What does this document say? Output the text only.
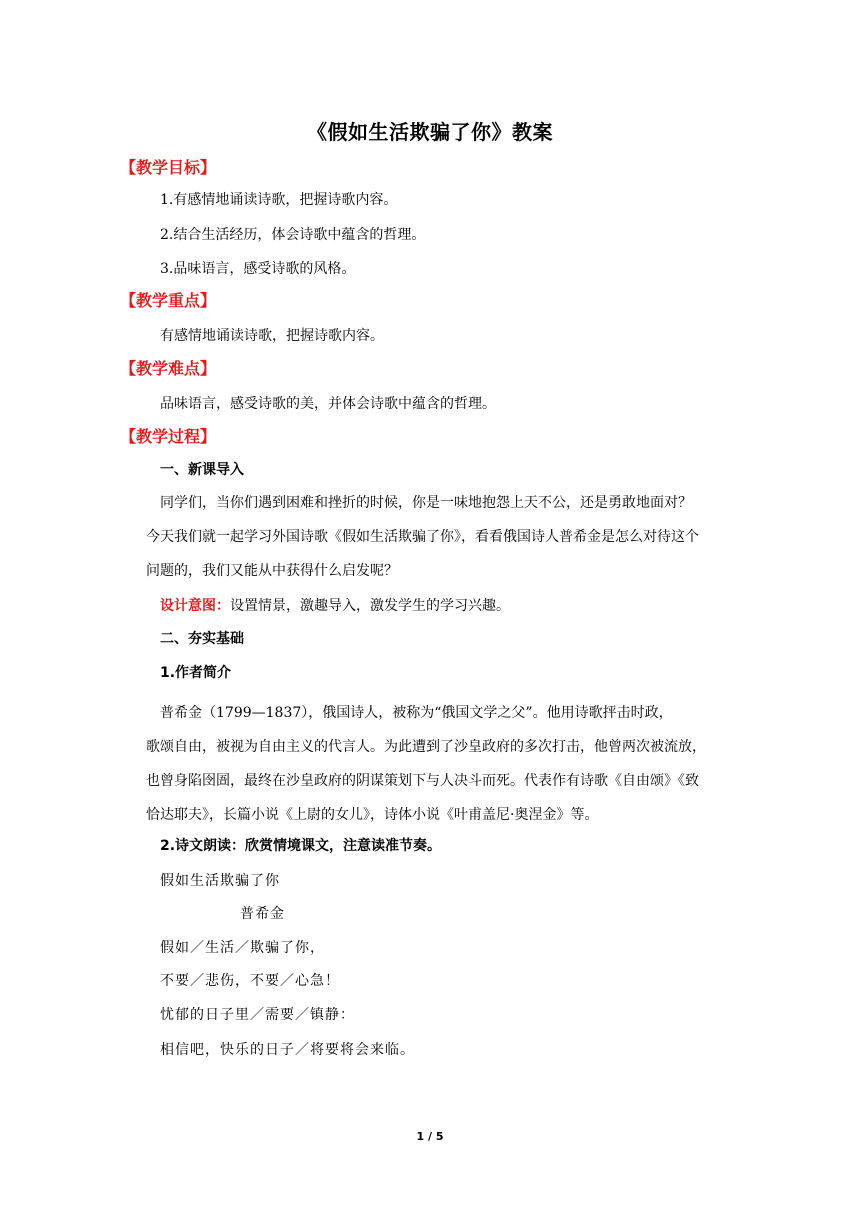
《假如生活欺骗了你》教案
【教学目标】
1.有感情地诵读诗歌，把握诗歌内容。
2.结合生活经历，体会诗歌中蕴含的哲理。
3.品味语言，感受诗歌的风格。
【教学重点】
有感情地诵读诗歌，把握诗歌内容。
【教学难点】
品味语言，感受诗歌的美，并体会诗歌中蕴含的哲理。
【教学过程】
一、新课导入
同学们，当你们遇到困难和挫折的时候，你是一味地抱怨上天不公，还是勇敢地面对？
今天我们就一起学习外国诗歌《假如生活欺骗了你》，看看俄国诗人普希金是怎么对待这个
问题的，我们又能从中获得什么启发呢？
设计意图：设置情景，激趣导入，激发学生的学习兴趣。
二、夯实基础
1.作者简介
普希金（1799—1837），俄国诗人，被称为“俄国文学之父”。他用诗歌抨击时政，
歌颂自由，被视为自由主义的代言人。为此遭到了沙皇政府的多次打击，他曾两次被流放，
也曾身陷囹圄，最终在沙皇政府的阴谋策划下与人决斗而死。代表作有诗歌《自由颂》《致
恰达耶夫》，长篇小说《上尉的女儿》，诗体小说《叶甫盖尼·奥涅金》等。
2.诗文朗读：欣赏情境课文，注意读准节奏。
假如生活欺骗了你
普希金
假如／生活／欺骗了你，
不要／悲伤，不要／心急！
忧郁的日子里／需要／镇静：
相信吧，快乐的日子／将要将会来临。
1 / 5
